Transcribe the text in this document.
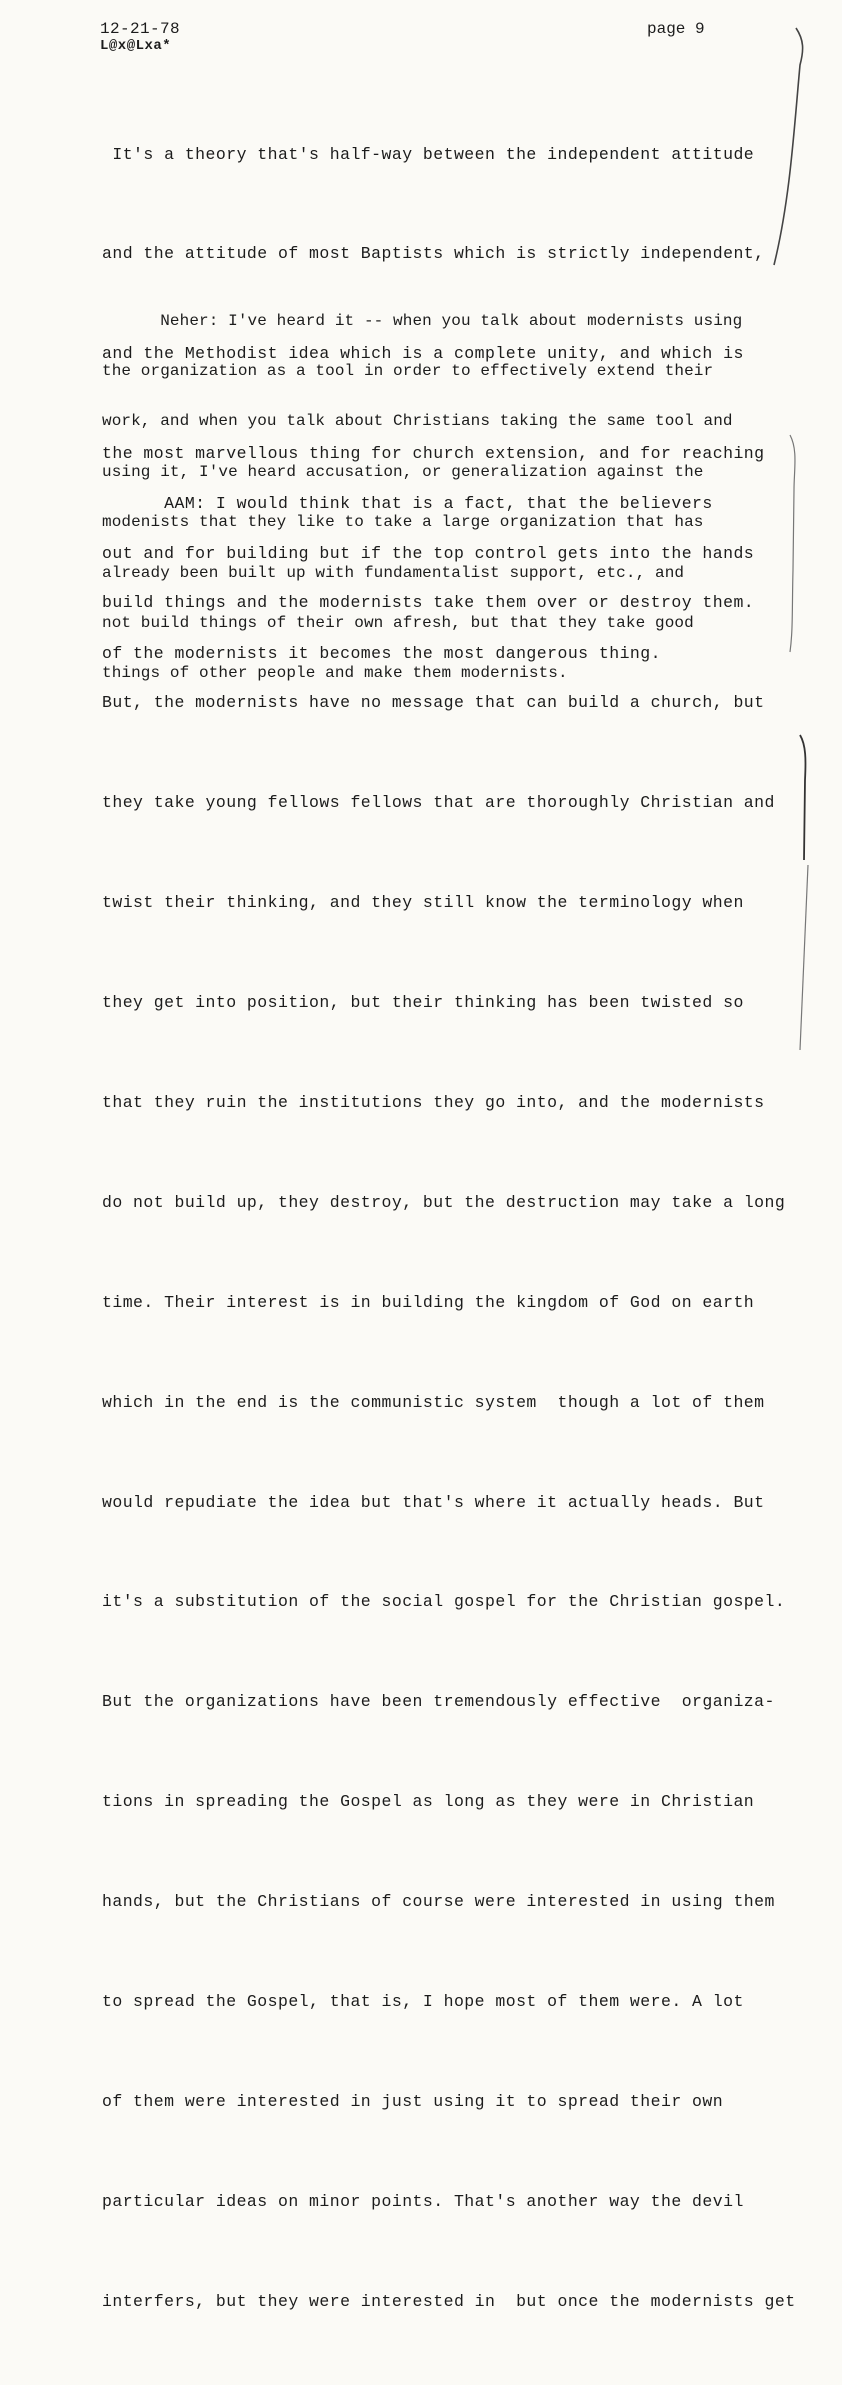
12-21-78
L@x@Lxa*
page 9

It's a theory that's half-way between the independent attitude

and the attitude of most Baptists which is strictly independent,

and the Methodist idea which is a complete unity, and which is

the most marvellous thing for church extension, and for reaching

out and for building but if the top control gets into the hands

of the modernists it becomes the most dangerous thing.

Neher: I've heard it -- when you talk about modernists using

the organization as a tool in order to effectively extend their

work, and when you talk about Christians taking the same tool and

using it, I've heard accusation, or generalization against the

modenists that they like to take a large organization that has

already been built up with fundamentalist support, etc., and

not build things of their own afresh, but that they take good

things of other people and make them modernists.

AAM: I would think that is a fact, that the believers

build things and the modernists take them over or destroy them.

But, the modernists have no message that can build a church, but

they take young fellows fellows that are thoroughly Christian and

twist their thinking, and they still know the terminology when

they get into position, but their thinking has been twisted so

that they ruin the institutions they go into, and the modernists

do not build up, they destroy, but the destruction may take a long

time. Their interest is in building the kingdom of God on earth

which in the end is the communistic system  though a lot of them

would repudiate the idea but that's where it actually heads. But

it's a substitution of the social gospel for the Christian gospel.

But the organizations have been tremendously effective  organiza-

tions in spreading the Gospel as long as they were in Christian

hands, but the Christians of course were interested in using them

to spread the Gospel, that is, I hope most of them were. A lot

of them were interested in just using it to spread their own

particular ideas on minor points. That's another way the devil

interfers, but they were interested in  but once the modernists get
